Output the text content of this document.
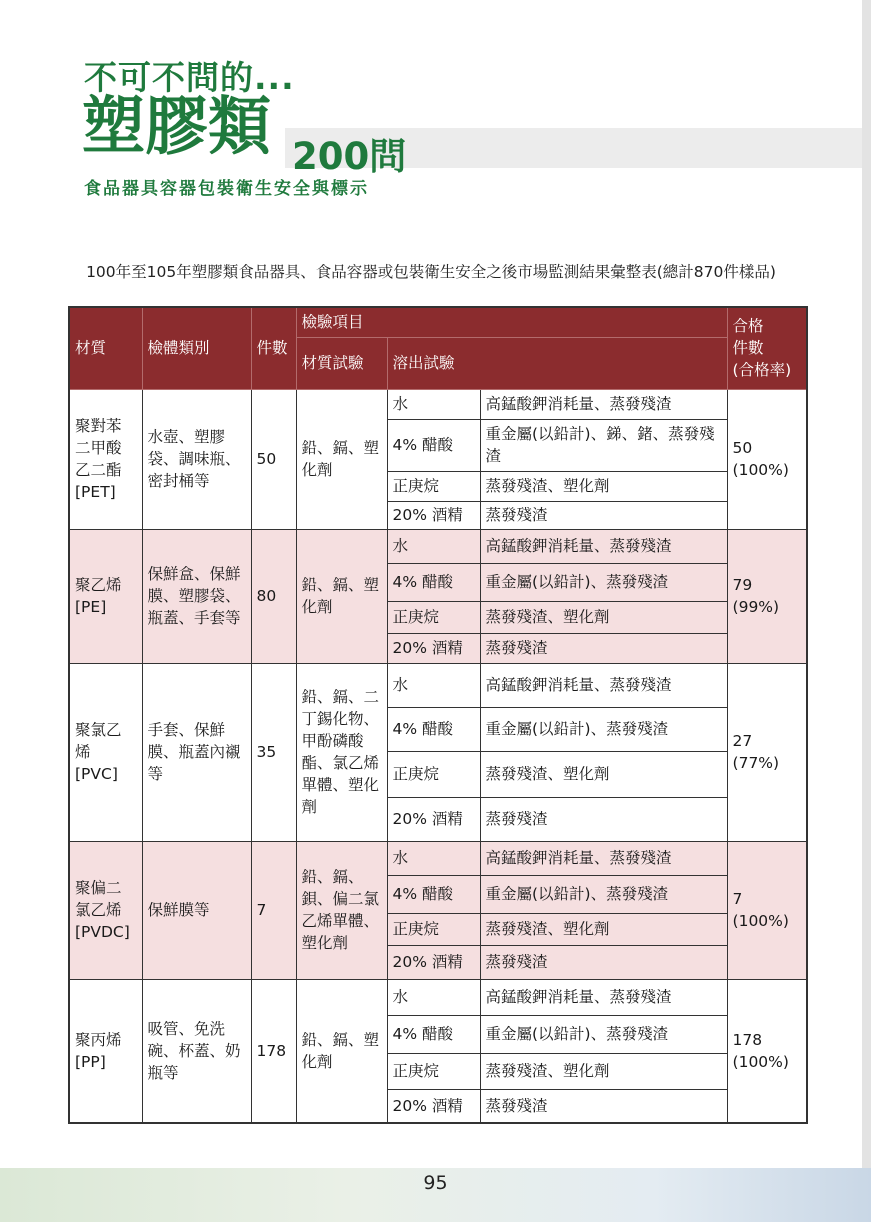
不可不問的...
塑膠類 200問
食品器具容器包裝衛生安全與標示
100年至105年塑膠類食品器具、食品容器或包裝衛生安全之後市場監測結果彙整表(總計870件樣品)
材質	檢體類別	件數	檢驗項目			合格
件數
(合格率)
			材質試驗	溶出試驗		
聚對苯
二甲酸
乙二酯
[PET]	水壺、塑膠袋、調味瓶、密封桶等	50	鉛、鎘、塑化劑	水	高錳酸鉀消耗量、蒸發殘渣	50
(100%)
				4% 醋酸	重金屬(以鉛計)、銻、鍺、蒸發殘渣	
				正庚烷	蒸發殘渣、塑化劑	
				20% 酒精	蒸發殘渣	
聚乙烯
[PE]	保鮮盒、保鮮膜、塑膠袋、瓶蓋、手套等	80	鉛、鎘、塑化劑	水	高錳酸鉀消耗量、蒸發殘渣	79
(99%)
				4% 醋酸	重金屬(以鉛計)、蒸發殘渣	
				正庚烷	蒸發殘渣、塑化劑	
				20% 酒精	蒸發殘渣	
聚氯乙烯
[PVC]	手套、保鮮膜、瓶蓋內襯等	35	鉛、鎘、二丁錫化物、甲酚磷酸酯、氯乙烯單體、塑化劑	水	高錳酸鉀消耗量、蒸發殘渣	27
(77%)
				4% 醋酸	重金屬(以鉛計)、蒸發殘渣	
				正庚烷	蒸發殘渣、塑化劑	
				20% 酒精	蒸發殘渣	
聚偏二
氯乙烯
[PVDC]	保鮮膜等	7	鉛、鎘、鋇、偏二氯乙烯單體、塑化劑	水	高錳酸鉀消耗量、蒸發殘渣	7
(100%)
				4% 醋酸	重金屬(以鉛計)、蒸發殘渣	
				正庚烷	蒸發殘渣、塑化劑	
				20% 酒精	蒸發殘渣	
聚丙烯
[PP]	吸管、免洗碗、杯蓋、奶瓶等	178	鉛、鎘、塑化劑	水	高錳酸鉀消耗量、蒸發殘渣	178
(100%)
				4% 醋酸	重金屬(以鉛計)、蒸發殘渣	
				正庚烷	蒸發殘渣、塑化劑	
				20% 酒精	蒸發殘渣	
95
